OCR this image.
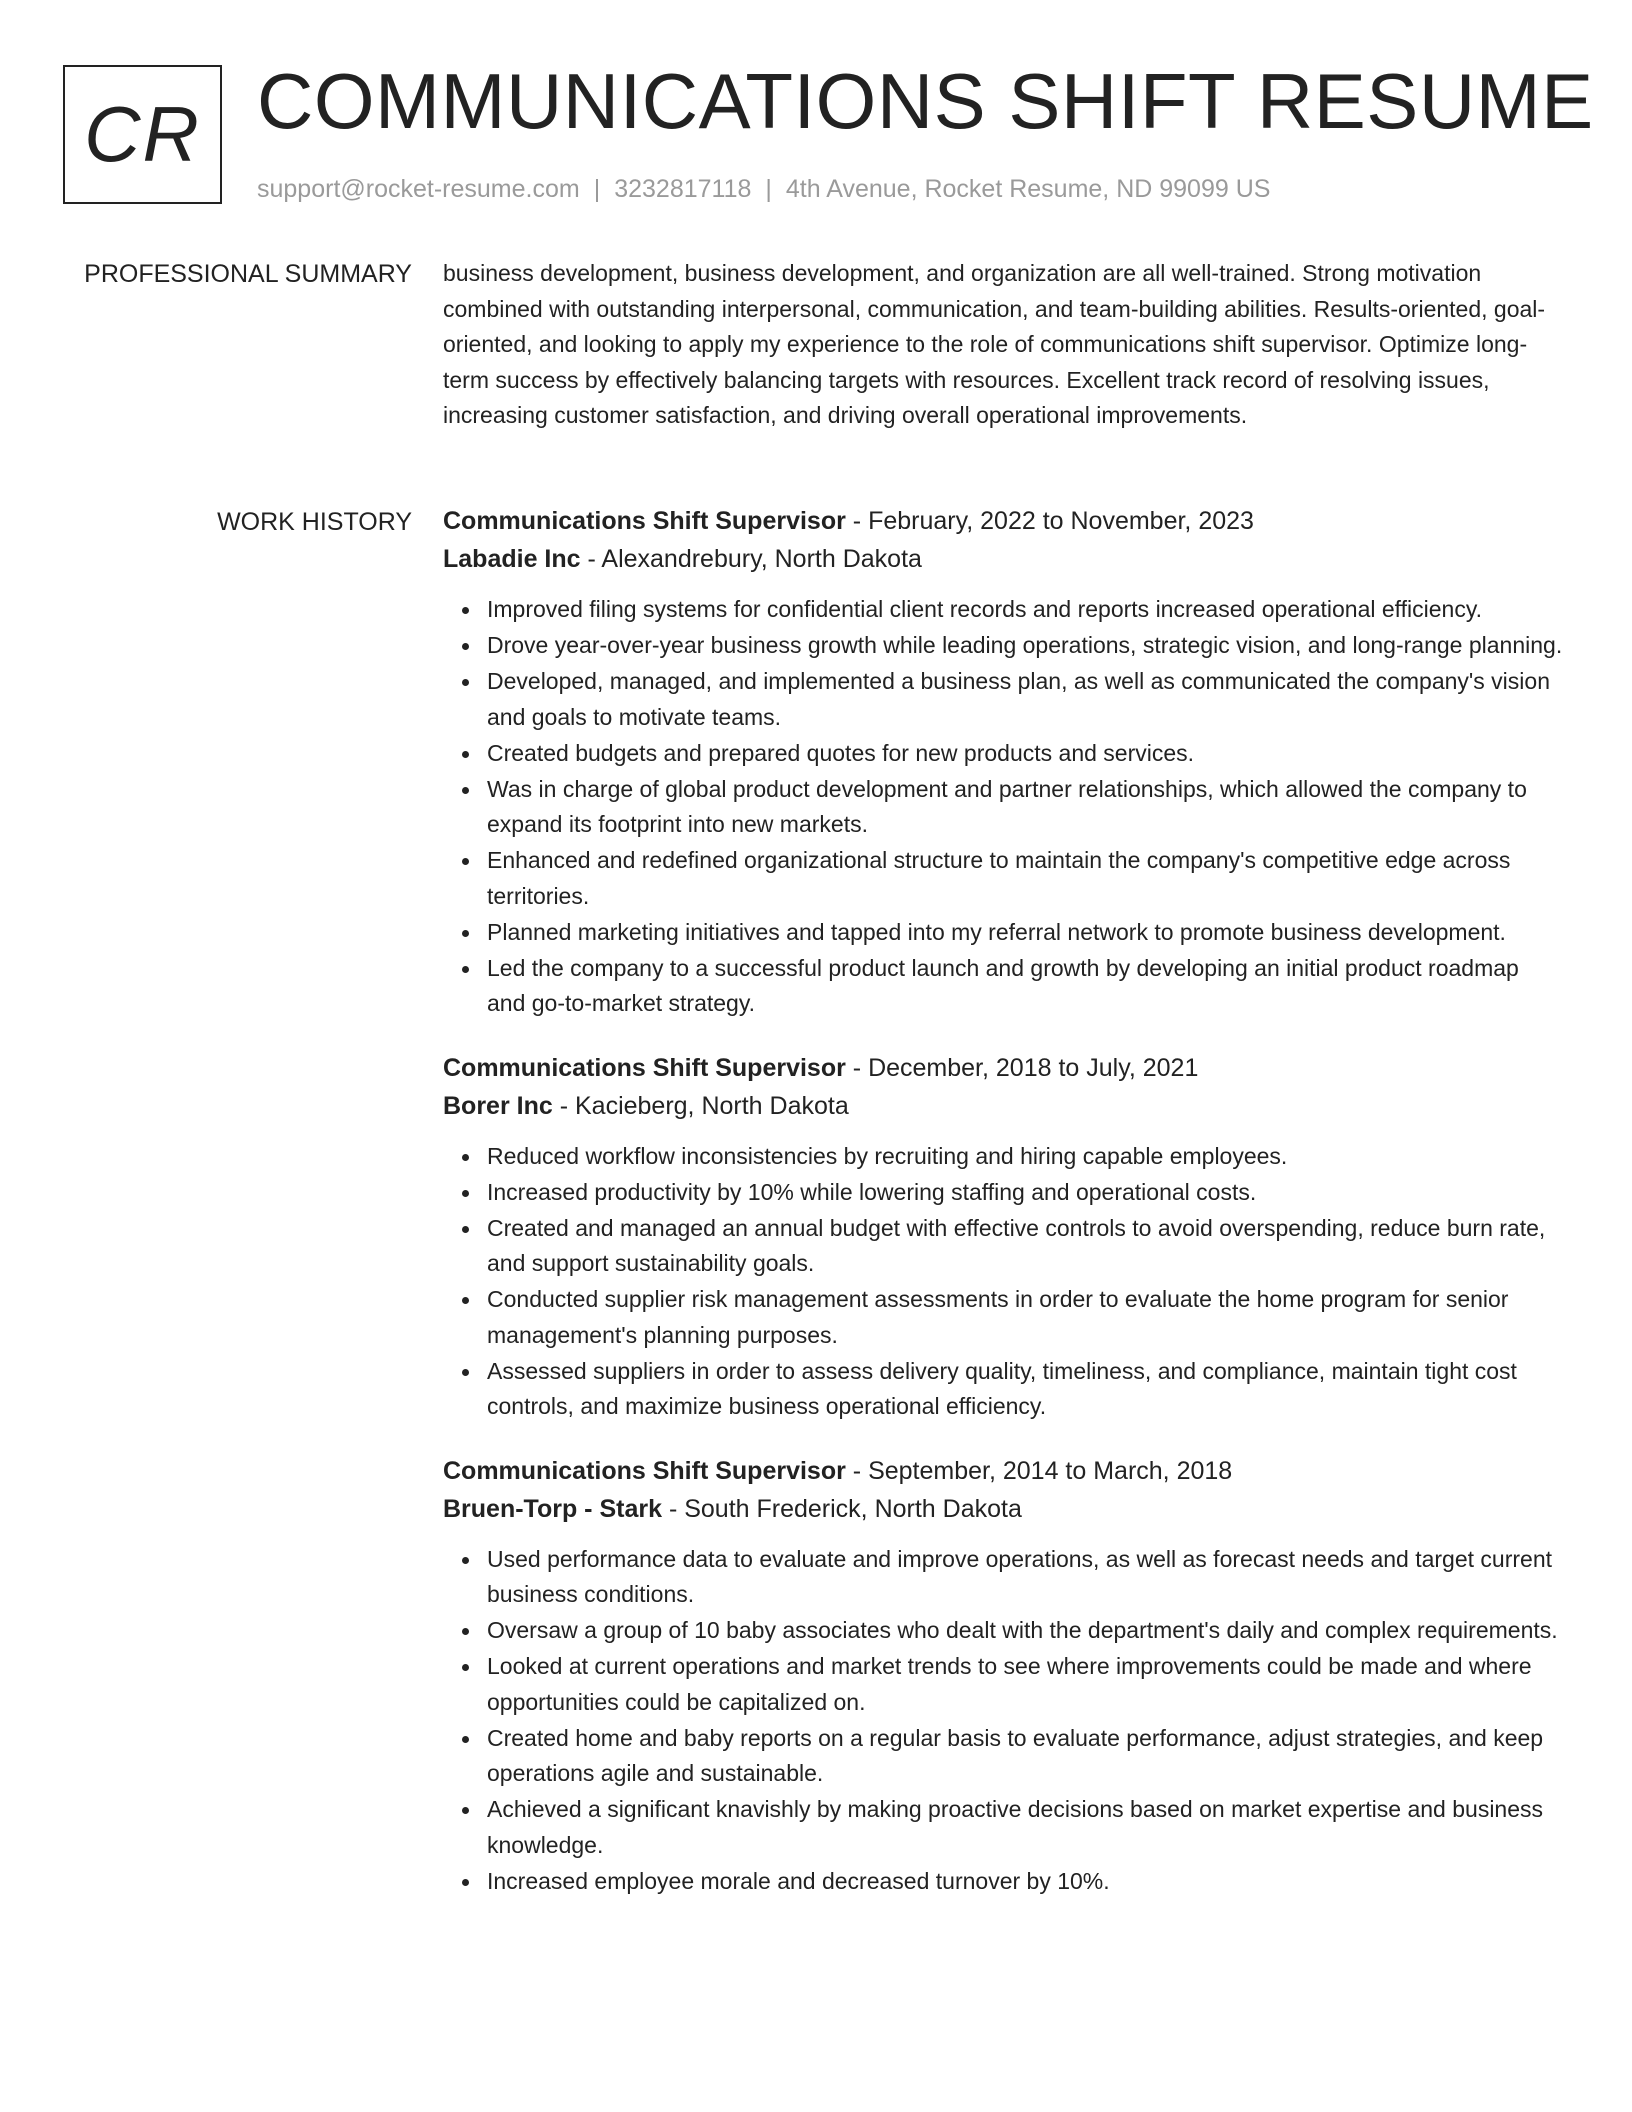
CR COMMUNICATIONS SHIFT RESUME
support@rocket-resume.com | 3232817118 | 4th Avenue, Rocket Resume, ND 99099 US
PROFESSIONAL SUMMARY business development, business development, and organization are all well-trained. Strong motivation combined with outstanding interpersonal, communication, and team-building abilities. Results-oriented, goal-oriented, and looking to apply my experience to the role of communications shift supervisor. Optimize long-term success by effectively balancing targets with resources. Excellent track record of resolving issues, increasing customer satisfaction, and driving overall operational improvements.

WORK HISTORY Communications Shift Supervisor - February, 2022 to November, 2023
Labadie Inc - Alexandrebury, North Dakota
Improved filing systems for confidential client records and reports increased operational efficiency.
Drove year-over-year business growth while leading operations, strategic vision, and long-range planning.
Developed, managed, and implemented a business plan, as well as communicated the company's vision and goals to motivate teams.
Created budgets and prepared quotes for new products and services.
Was in charge of global product development and partner relationships, which allowed the company to expand its footprint into new markets.
Enhanced and redefined organizational structure to maintain the company's competitive edge across territories.
Planned marketing initiatives and tapped into my referral network to promote business development.
Led the company to a successful product launch and growth by developing an initial product roadmap and go-to-market strategy.
Communications Shift Supervisor - December, 2018 to July, 2021
Borer Inc - Kacieberg, North Dakota
Reduced workflow inconsistencies by recruiting and hiring capable employees.
Increased productivity by 10% while lowering staffing and operational costs.
Created and managed an annual budget with effective controls to avoid overspending, reduce burn rate, and support sustainability goals.
Conducted supplier risk management assessments in order to evaluate the home program for senior management's planning purposes.
Assessed suppliers in order to assess delivery quality, timeliness, and compliance, maintain tight cost controls, and maximize business operational efficiency.
Communications Shift Supervisor - September, 2014 to March, 2018
Bruen-Torp - Stark - South Frederick, North Dakota
Used performance data to evaluate and improve operations, as well as forecast needs and target current business conditions.
Oversaw a group of 10 baby associates who dealt with the department's daily and complex requirements.
Looked at current operations and market trends to see where improvements could be made and where opportunities could be capitalized on.
Created home and baby reports on a regular basis to evaluate performance, adjust strategies, and keep operations agile and sustainable.
Achieved a significant knavishly by making proactive decisions based on market expertise and business knowledge.
Increased employee morale and decreased turnover by 10%.
